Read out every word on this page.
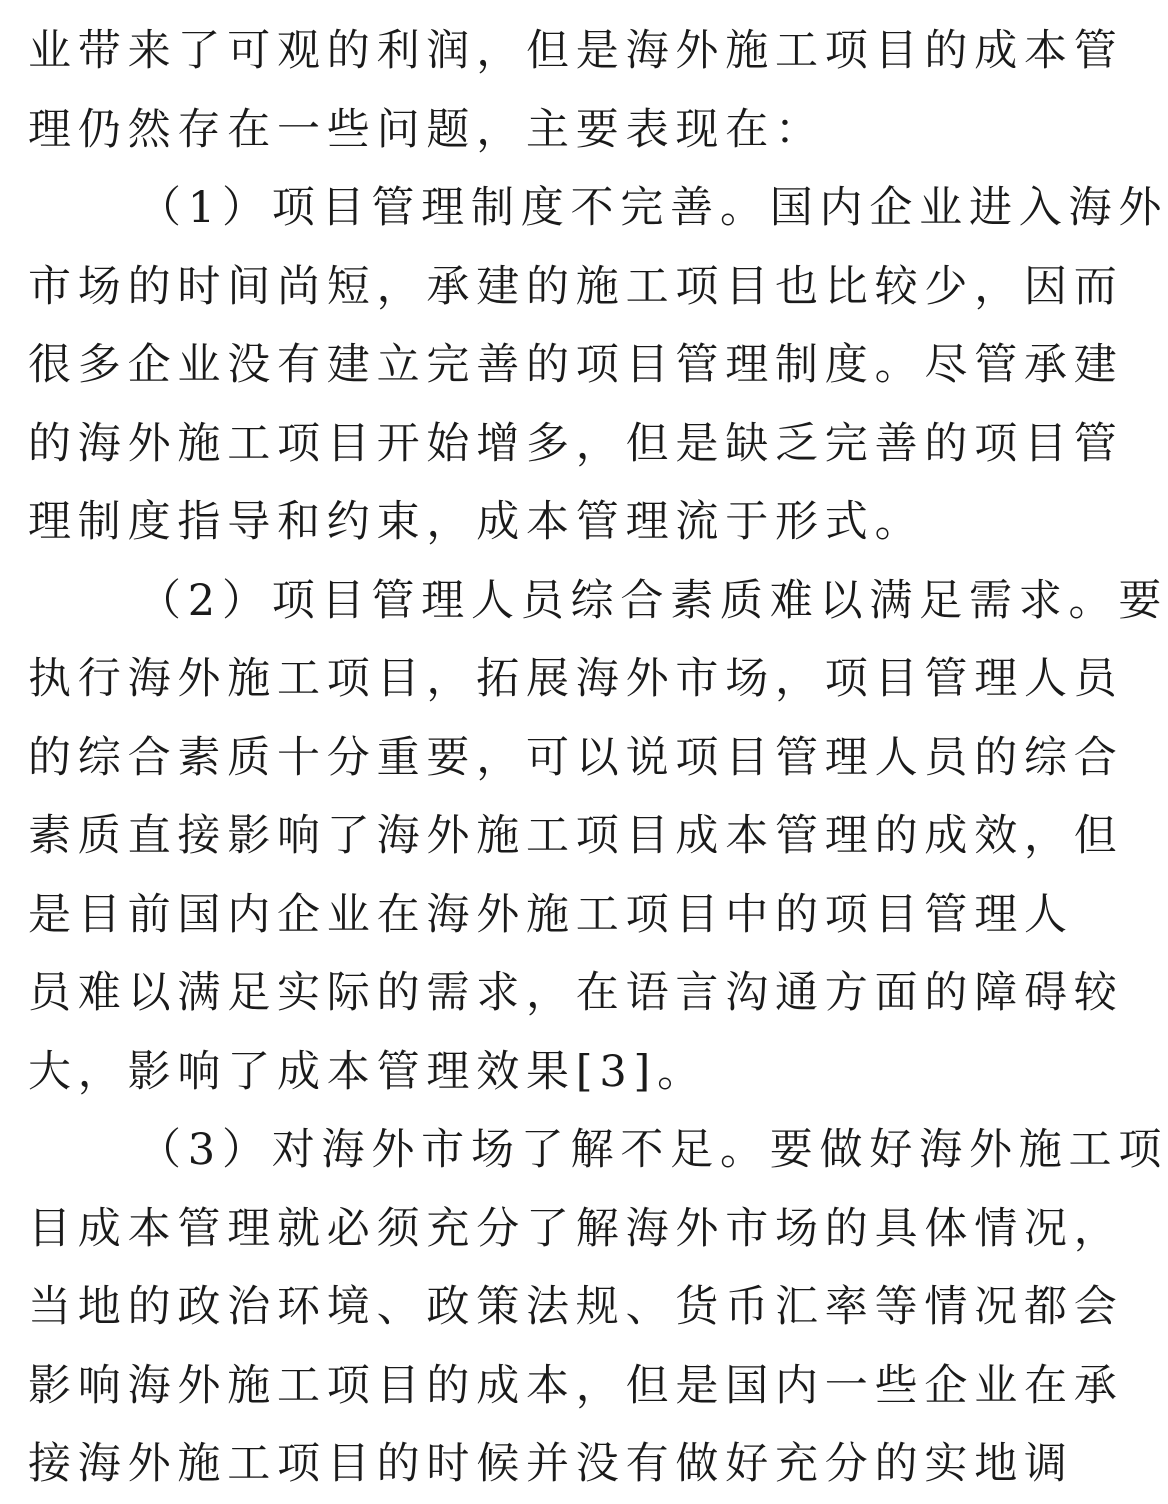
业带来了可观的利润，但是海外施工项目的成本管
理仍然存在一些问题，主要表现在：
（1）项目管理制度不完善。国内企业进入海外
市场的时间尚短，承建的施工项目也比较少，因而
很多企业没有建立完善的项目管理制度。尽管承建
的海外施工项目开始增多，但是缺乏完善的项目管
理制度指导和约束，成本管理流于形式。
（2）项目管理人员综合素质难以满足需求。要
执行海外施工项目，拓展海外市场，项目管理人员
的综合素质十分重要，可以说项目管理人员的综合
素质直接影响了海外施工项目成本管理的成效，但
是目前国内企业在海外施工项目中的项目管理人
员难以满足实际的需求，在语言沟通方面的障碍较
大，影响了成本管理效果[3]。
（3）对海外市场了解不足。要做好海外施工项
目成本管理就必须充分了解海外市场的具体情况，
当地的政治环境、政策法规、货币汇率等情况都会
影响海外施工项目的成本，但是国内一些企业在承
接海外施工项目的时候并没有做好充分的实地调
